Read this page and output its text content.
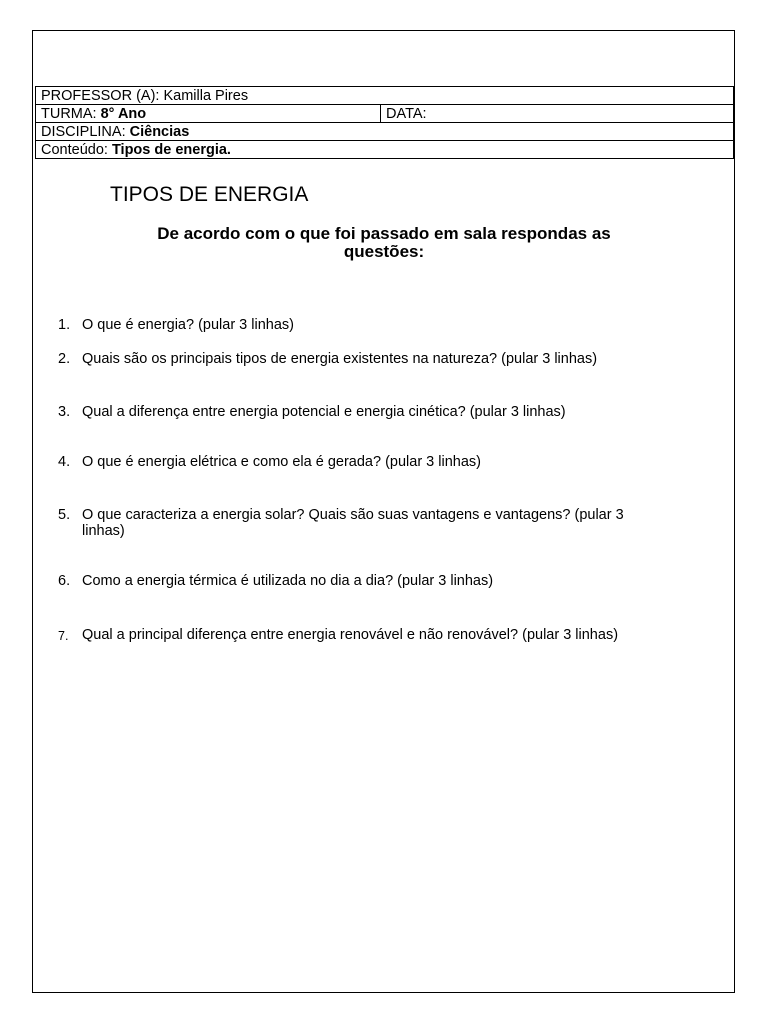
PROFESSOR (A): Kamilla Pires
TURMA: 8° Ano	DATA:
DISCIPLINA: Ciências
Conteúdo: Tipos de energia.
TIPOS DE ENERGIA

De acordo com o que foi passado em sala respondas as questões:

1. O que é energia? (pular 3 linhas)
2. Quais são os principais tipos de energia existentes na natureza? (pular 3 linhas)
3. Qual a diferença entre energia potencial e energia cinética? (pular 3 linhas)
4. O que é energia elétrica e como ela é gerada? (pular 3 linhas)
5. O que caracteriza a energia solar? Quais são suas vantagens e vantagens? (pular 3 linhas)
6. Como a energia térmica é utilizada no dia a dia? (pular 3 linhas)
7. Qual a principal diferença entre energia renovável e não renovável? (pular 3 linhas)
